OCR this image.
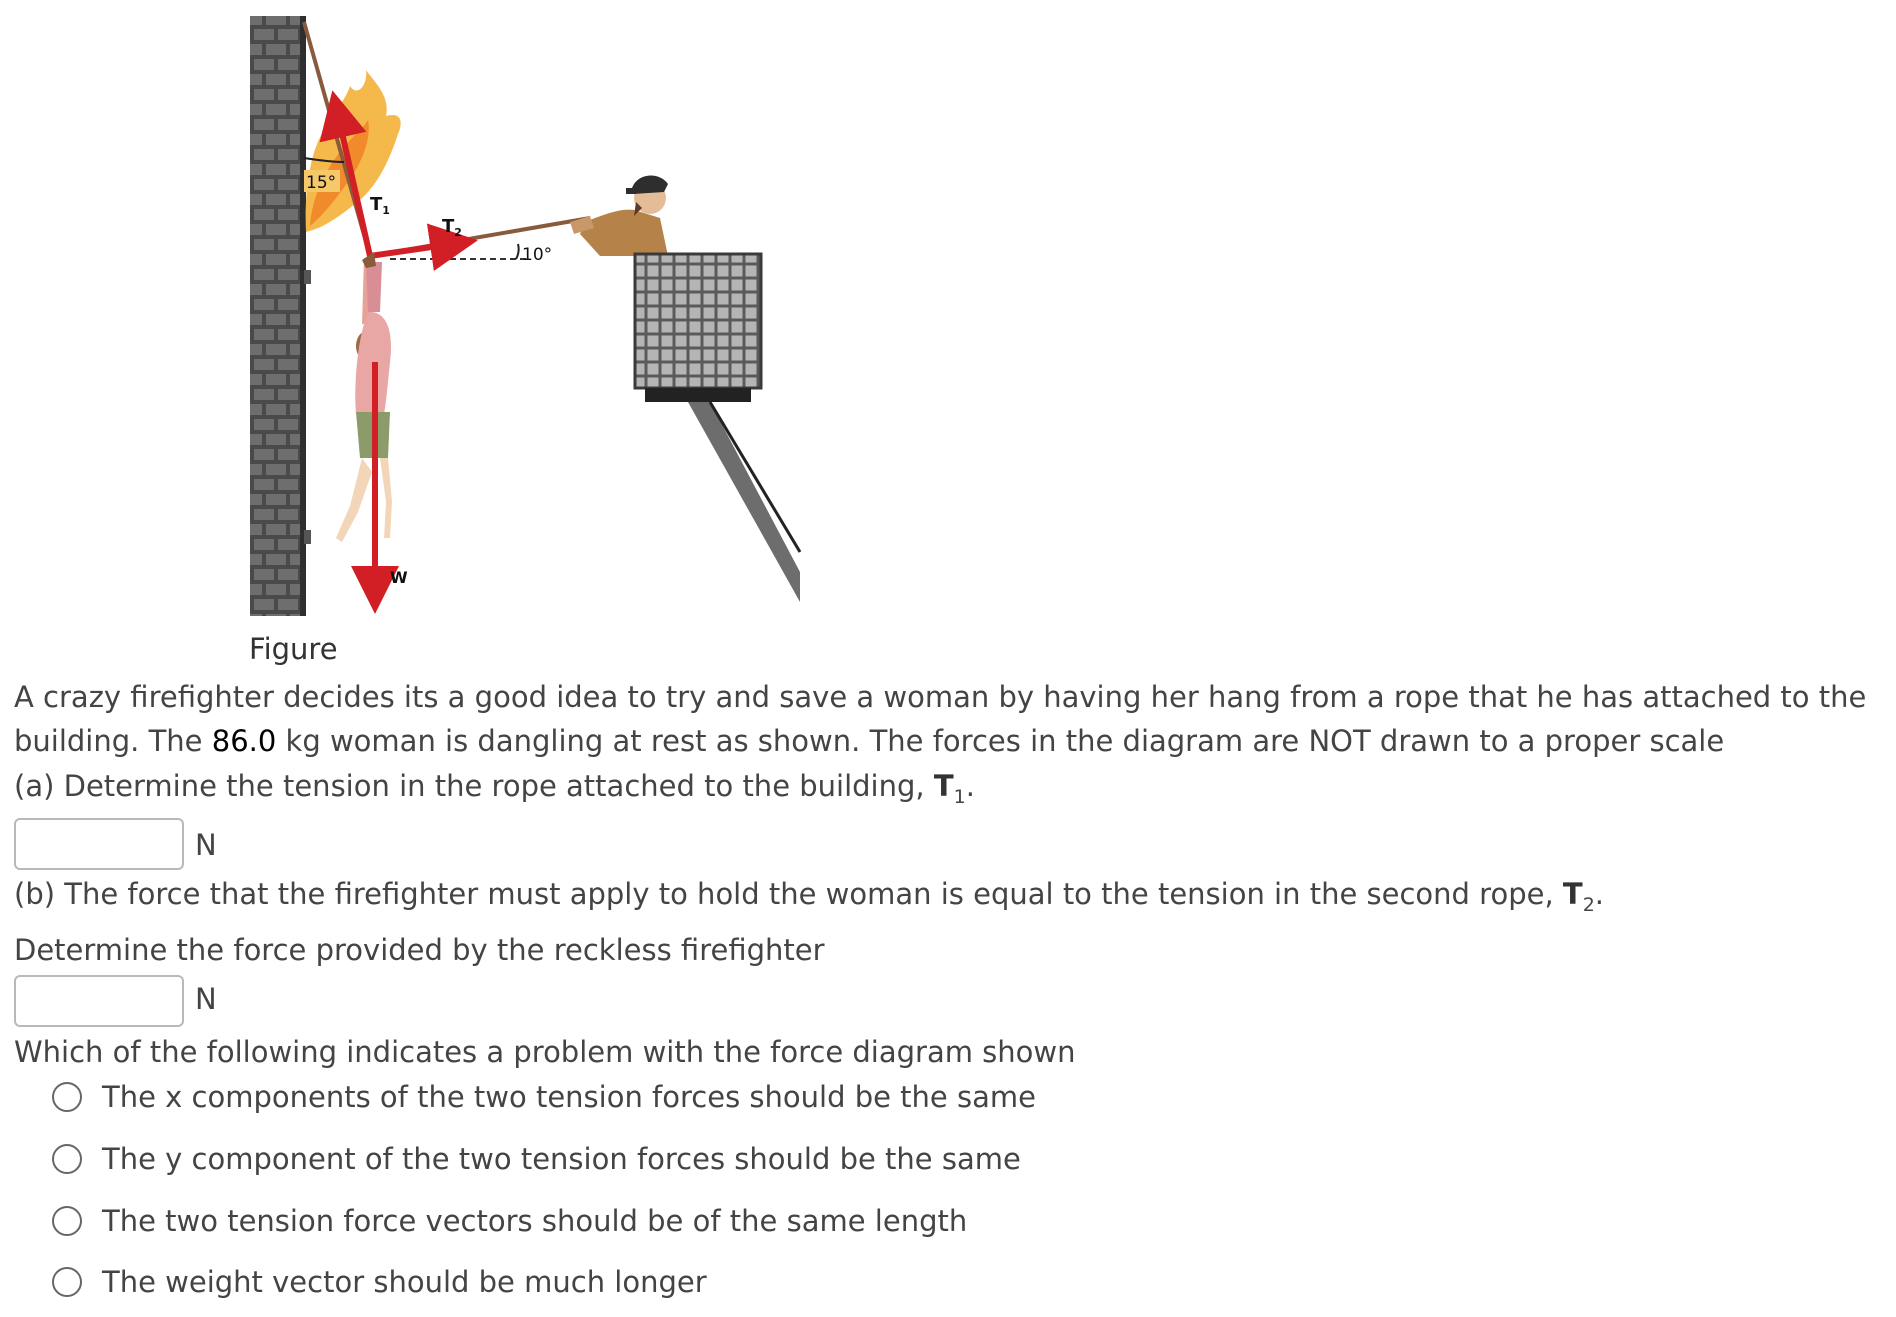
15°
$T_1$
10°
$T_2$
W
Figure
A crazy firefighter decides its a good idea to try and save a woman by having her hang from a rope that he has attached to the
building. The 86.0 kg woman is dangling at rest as shown. The forces in the diagram are NOT drawn to a proper scale
(a) Determine the tension in the rope attached to the building, $T_1$.
N
(b) The force that the firefighter must apply to hold the woman is equal to the tension in the second rope, $T_2$.
Determine the force provided by the reckless firefighter
N
Which of the following indicates a problem with the force diagram shown
The x components of the two tension forces should be the same
The y component of the two tension forces should be the same
The two tension force vectors should be of the same length
The weight vector should be much longer
